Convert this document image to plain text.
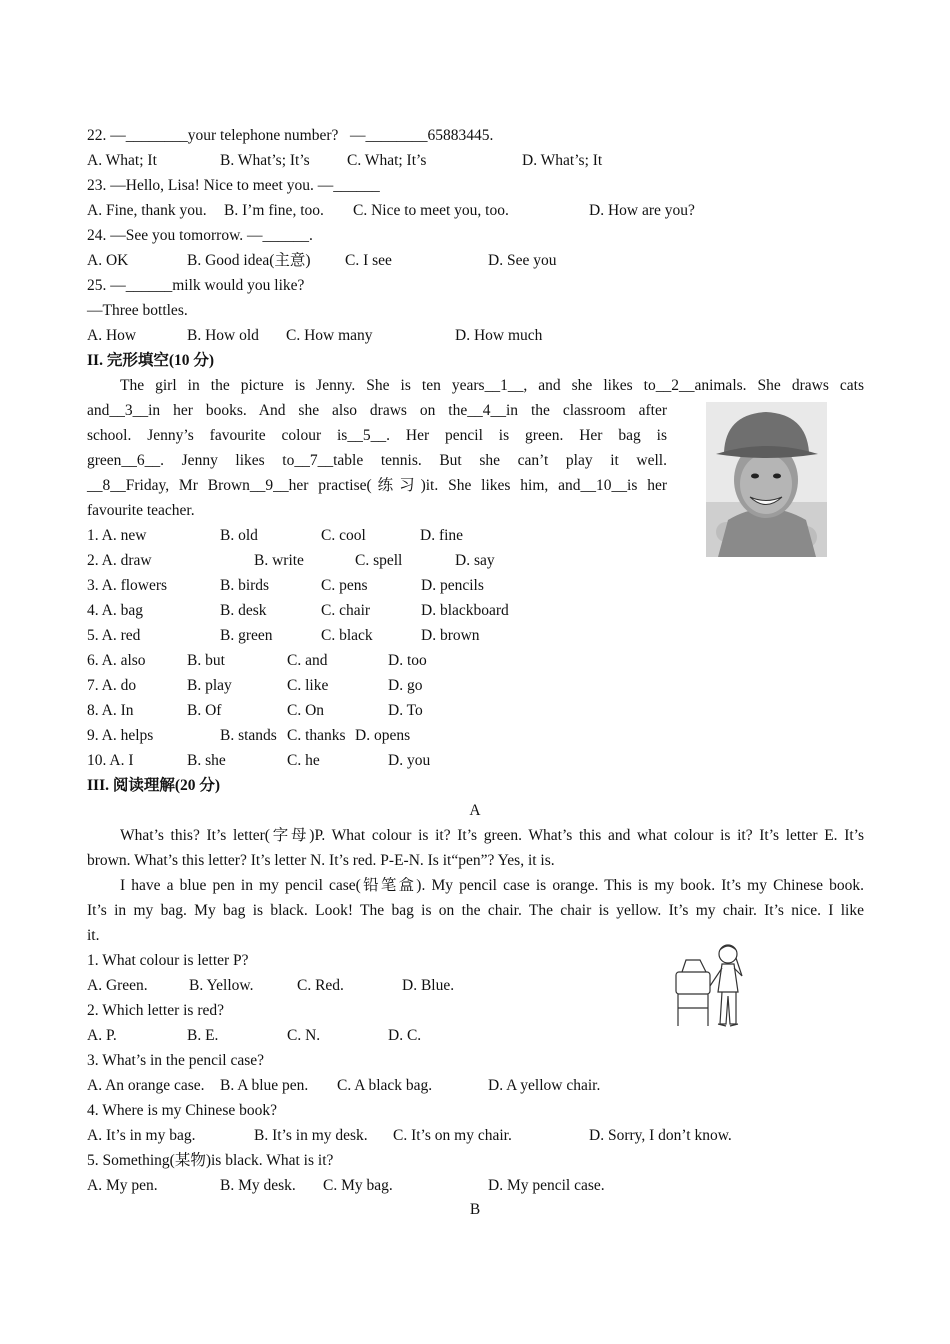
22. —________your telephone number?   —________65883445.
A. What; It	B. What’s; It’s C. What; It’s	D. What’s; It
23. —Hello, Lisa! Nice to meet you. —______
A. Fine, thank you. B. I’m fine, too. C. Nice to meet you, too.	D. How are you?
24. —See you tomorrow. —______.
A. OK	B. Good idea(主意) C. I see	D. See you
25. —______milk would you like?
—Three bottles.
A. How	B. How old C. How many	D. How much
II. 完形填空(10 分)
The girl in the picture is Jenny. She is ten years__1__, and she likes to__2__animals. She draws cats
and__3__in her books. And she also draws on the__4__in the classroom after
school. Jenny’s favourite colour is__5__. Her pencil is green. Her bag is
green__6__. Jenny likes to__7__table tennis. But she can’t play it well.
__8__Friday, Mr Brown__9__her practise(练习)it. She likes him, and__10__is her
favourite teacher.
1. A. new	B. old	C. cool	D. fine
2. A. draw	B. write	C. spell	D. say
3. A. flowers	B. birds	C. pens	D. pencils
4. A. bag	B. desk	C. chair	D. blackboard
5. A. red	B. green	C. black	D. brown
6. A. also	B. but	C. and	D. too
7. A. do	B. play	C. like	D. go
8. A. In	B. Of	C. On	D. To
9. A. helps	B. stands C. thanks D. opens
10. A. I	B. she	C. he	D. you
III. 阅读理解(20 分)
A
What’s this? It’s letter(字母)P. What colour is it? It’s green. What’s this and what colour is it? It’s letter E. It’s
brown. What’s this letter? It’s letter N. It’s red. P-E-N. Is it“pen”? Yes, it is.
I have a blue pen in my pencil case(铅笔盒). My pencil case is orange. This is my book. It’s my Chinese book.
It’s in my bag. My bag is black. Look! The bag is on the chair. The chair is yellow. It’s my chair. It’s nice. I like
it.
1. What colour is letter P?
A. Green.	B. Yellow.	C. Red.	D. Blue.
2. Which letter is red?
A. P.	B. E.	C. N.	D. C.
3. What’s in the pencil case?
A. An orange case. B. A blue pen. C. A black bag.	D. A yellow chair.
4. Where is my Chinese book?
A. It’s in my bag.	B. It’s in my desk. C. It’s on my chair.	D. Sorry, I don’t know.
5. Something(某物)is black. What is it?
A. My pen.	B. My desk. C. My bag.	D. My pencil case.
B
